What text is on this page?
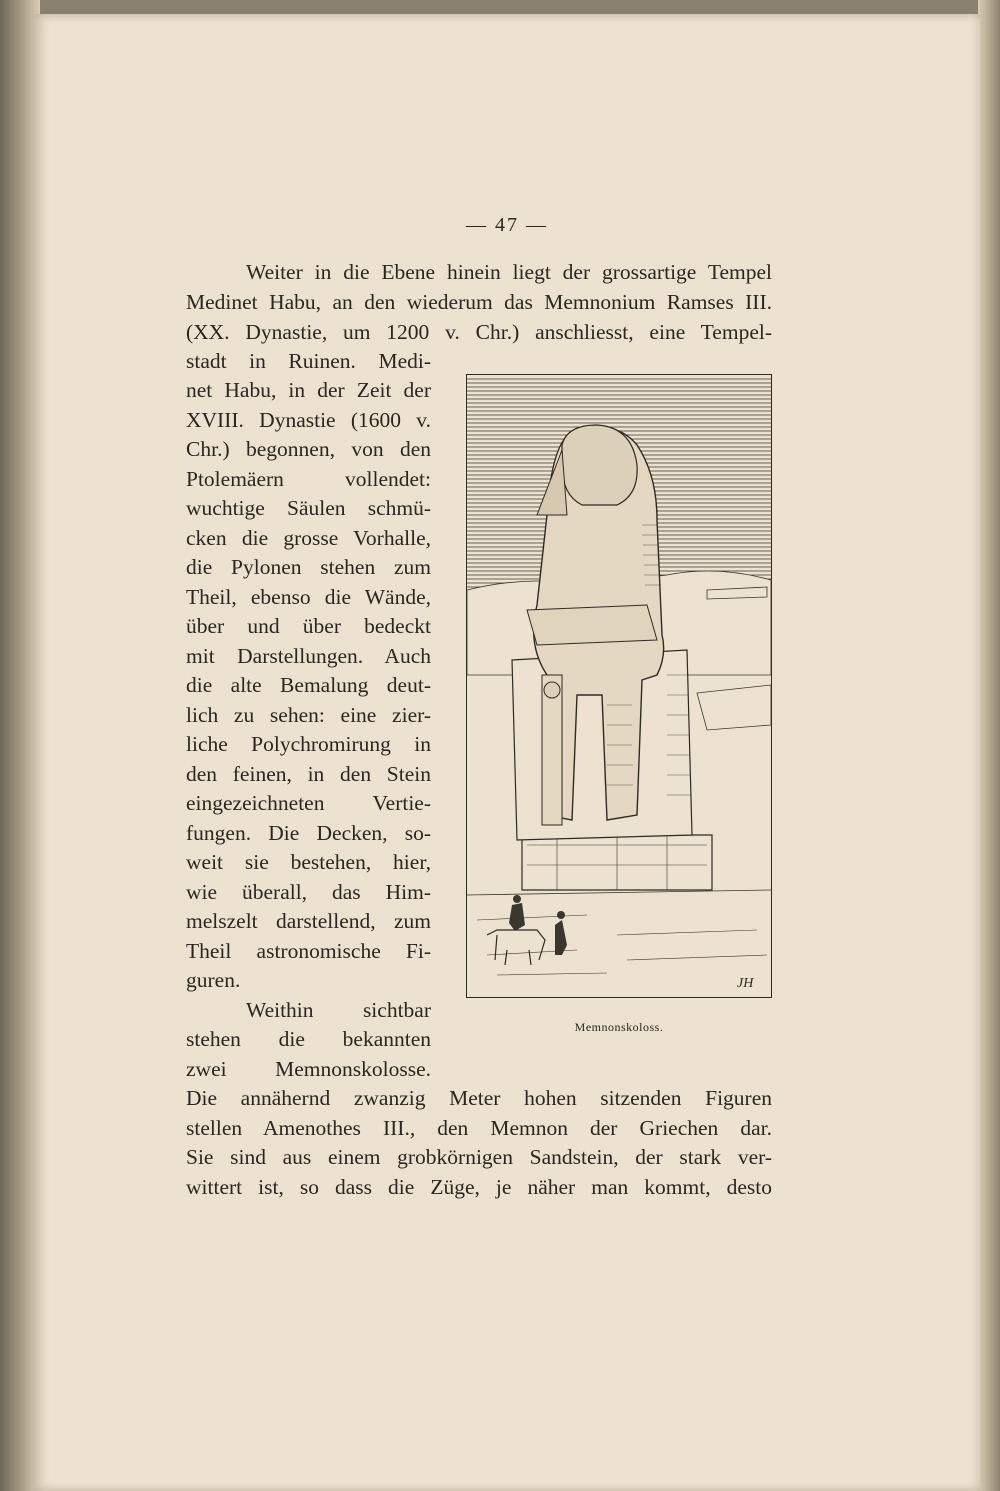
— 47 —
Weiter in die Ebene hinein liegt der grossartige Tempel
Medinet Habu, an den wiederum das Memnonium Ramses III.
(XX. Dynastie, um 1200 v. Chr.) anschliesst, eine Tempel-
stadt in Ruinen. Medi-
net Habu, in der Zeit der
XVIII. Dynastie (1600 v.
Chr.) begonnen, von den
Ptolemäern vollendet:
wuchtige Säulen schmü-
cken die grosse Vorhalle,
die Pylonen stehen zum
Theil, ebenso die Wände,
über und über bedeckt
mit Darstellungen. Auch
die alte Bemalung deut-
lich zu sehen: eine zier-
liche Polychromirung in
den feinen, in den Stein
eingezeichneten Vertie-
fungen. Die Decken, so-
weit sie bestehen, hier,
wie überall, das Him-
melszelt darstellend, zum
Theil astronomische Fi-
guren.
Weithin sichtbar
stehen die bekannten
zwei Memnonskolosse.
Die annähernd zwanzig Meter hohen sitzenden Figuren
stellen Amenothes III., den Memnon der Griechen dar.
Sie sind aus einem grobkörnigen Sandstein, der stark ver-
wittert ist, so dass die Züge, je näher man kommt, desto
JH
Memnonskoloss.
